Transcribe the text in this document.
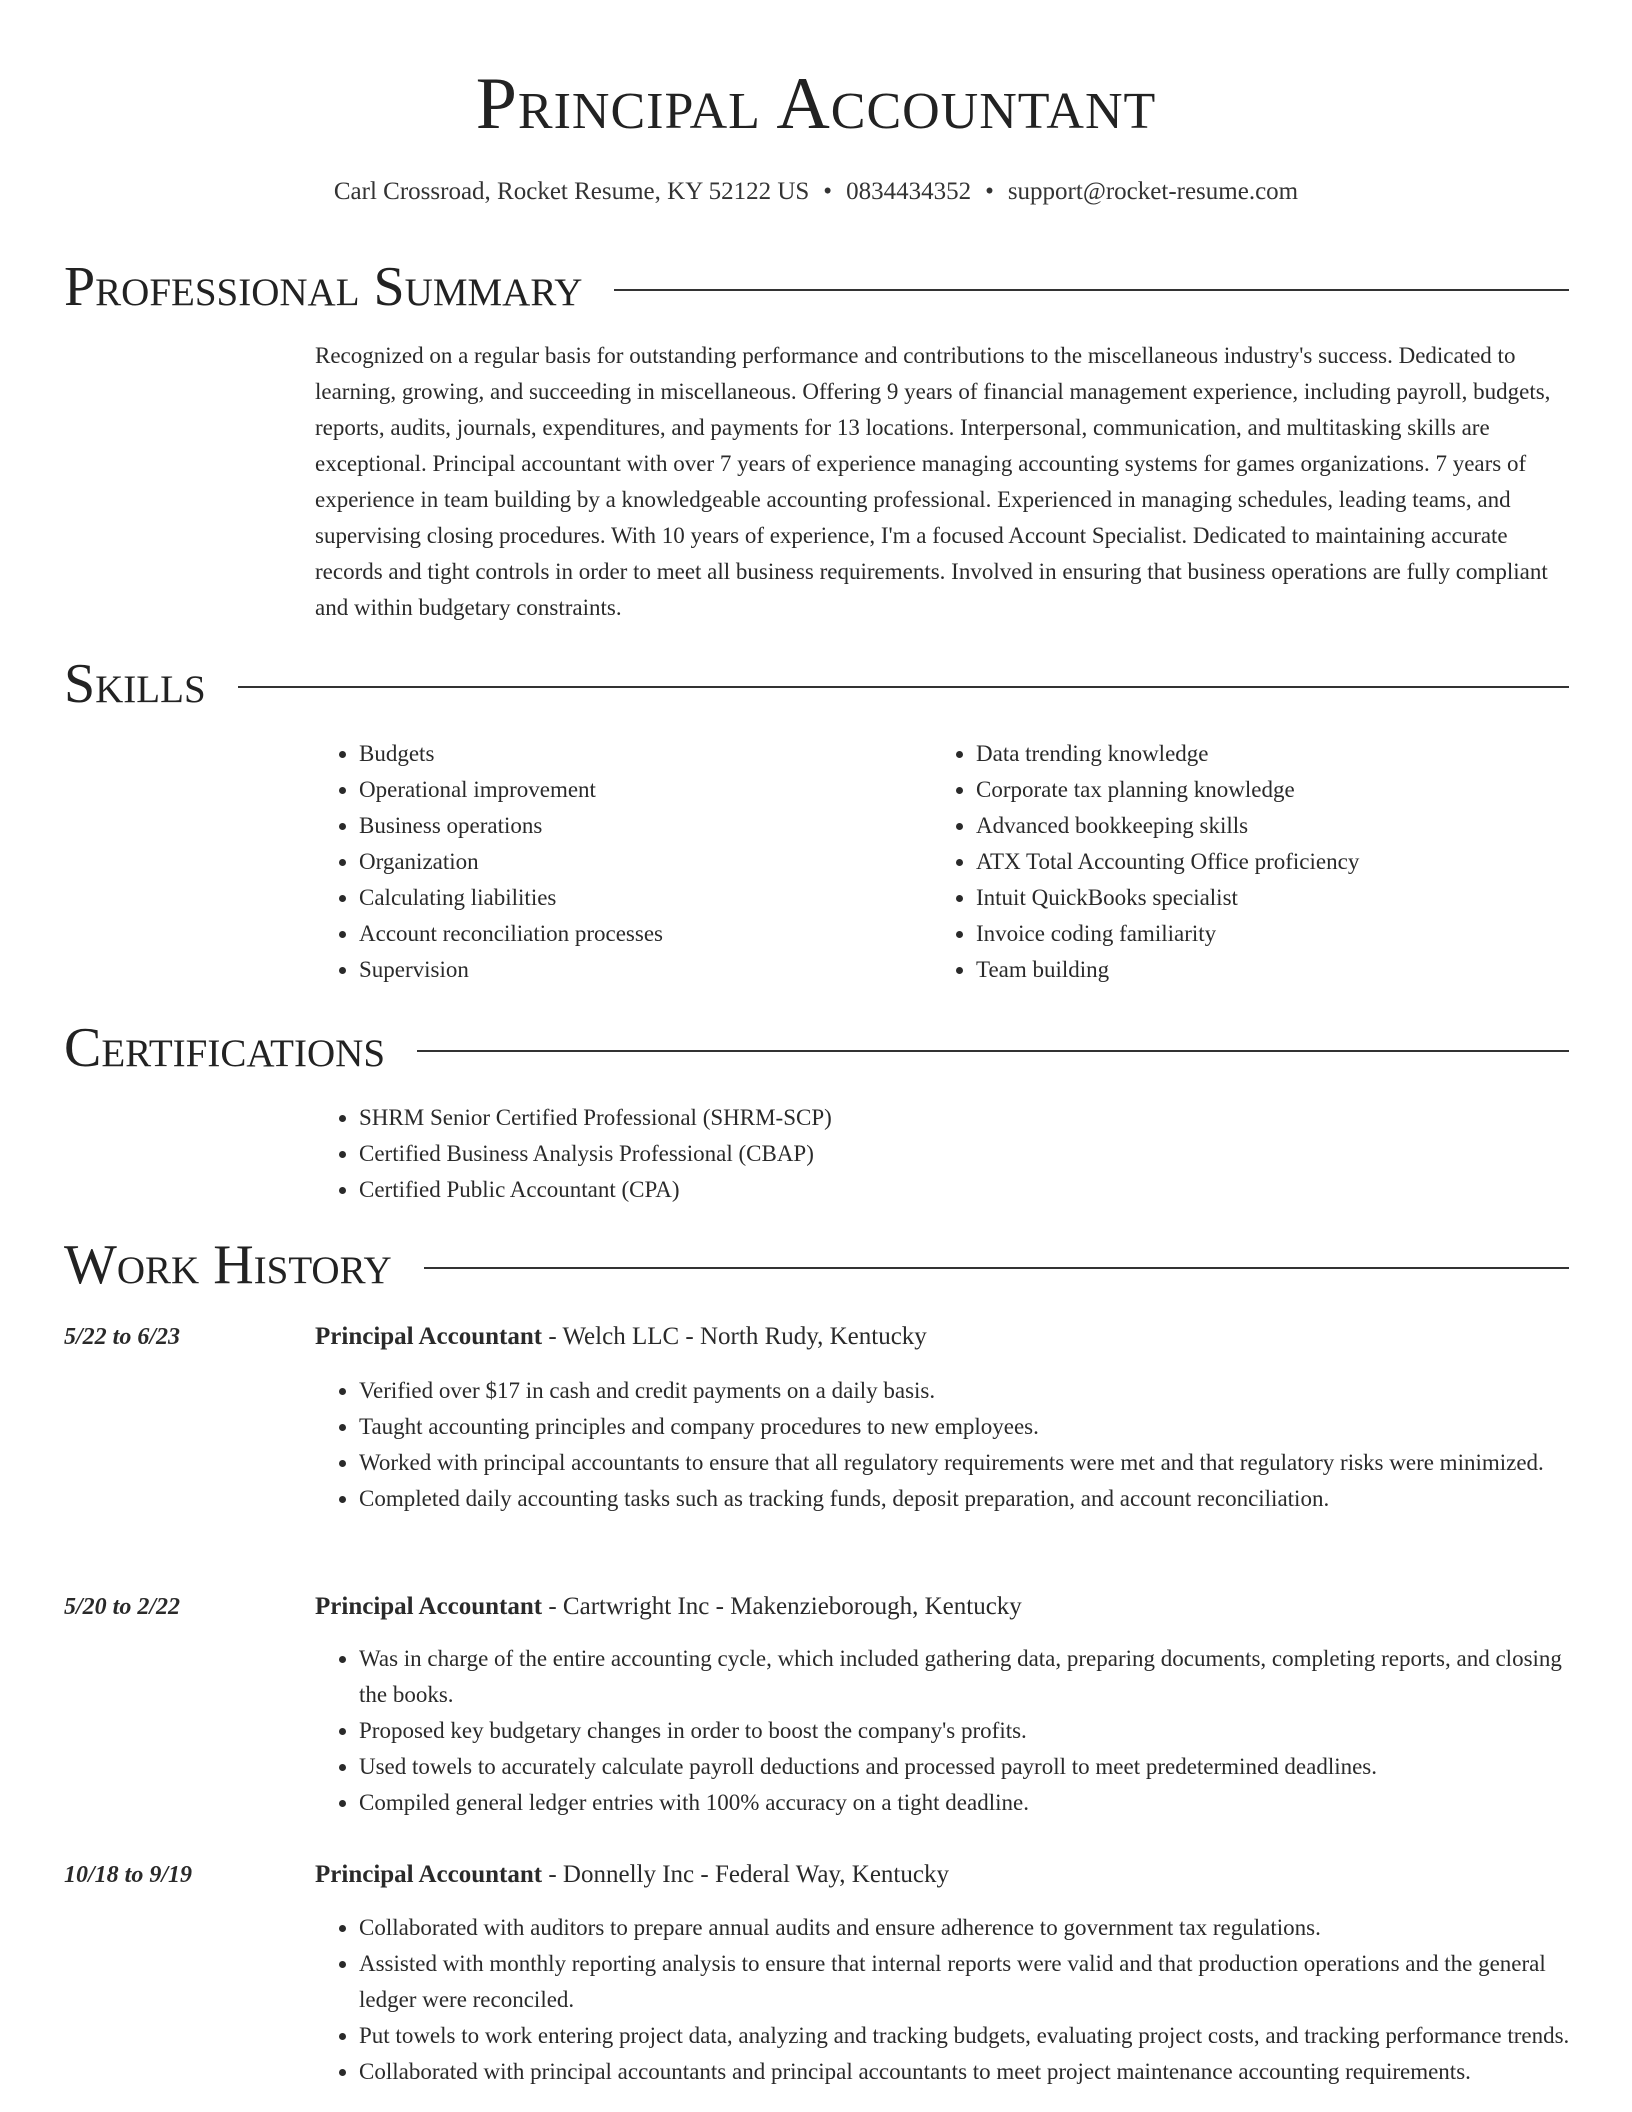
Principal Accountant
Carl Crossroad, Rocket Resume, KY 52122 US • 0834434352 • support@rocket-resume.com
Professional Summary

Recognized on a regular basis for outstanding performance and contributions to the miscellaneous industry's success. Dedicated to learning, growing, and succeeding in miscellaneous. Offering 9 years of financial management experience, including payroll, budgets, reports, audits, journals, expenditures, and payments for 13 locations. Interpersonal, communication, and multitasking skills are exceptional. Principal accountant with over 7 years of experience managing accounting systems for games organizations. 7 years of experience in team building by a knowledgeable accounting professional. Experienced in managing schedules, leading teams, and supervising closing procedures. With 10 years of experience, I'm a focused Account Specialist. Dedicated to maintaining accurate records and tight controls in order to meet all business requirements. Involved in ensuring that business operations are fully compliant and within budgetary constraints.

Skills
• Budgets
• Operational improvement
• Business operations
• Organization
• Calculating liabilities
• Account reconciliation processes
• Supervision
• Data trending knowledge
• Corporate tax planning knowledge
• Advanced bookkeeping skills
• ATX Total Accounting Office proficiency
• Intuit QuickBooks specialist
• Invoice coding familiarity
• Team building
Certifications
• SHRM Senior Certified Professional (SHRM-SCP)
• Certified Business Analysis Professional (CBAP)
• Certified Public Accountant (CPA)
Work History
5/22 to 6/23	Principal Accountant - Welch LLC - North Rudy, Kentucky
• Verified over $17 in cash and credit payments on a daily basis.
• Taught accounting principles and company procedures to new employees.
• Worked with principal accountants to ensure that all regulatory requirements were met and that regulatory risks were minimized.
• Completed daily accounting tasks such as tracking funds, deposit preparation, and account reconciliation.
5/20 to 2/22	Principal Accountant - Cartwright Inc - Makenzieborough, Kentucky
• Was in charge of the entire accounting cycle, which included gathering data, preparing documents, completing reports, and closing the books.
• Proposed key budgetary changes in order to boost the company's profits.
• Used towels to accurately calculate payroll deductions and processed payroll to meet predetermined deadlines.
• Compiled general ledger entries with 100% accuracy on a tight deadline.
10/18 to 9/19	Principal Accountant - Donnelly Inc - Federal Way, Kentucky
• Collaborated with auditors to prepare annual audits and ensure adherence to government tax regulations.
• Assisted with monthly reporting analysis to ensure that internal reports were valid and that production operations and the general ledger were reconciled.
• Put towels to work entering project data, analyzing and tracking budgets, evaluating project costs, and tracking performance trends.
• Collaborated with principal accountants and principal accountants to meet project maintenance accounting requirements.
